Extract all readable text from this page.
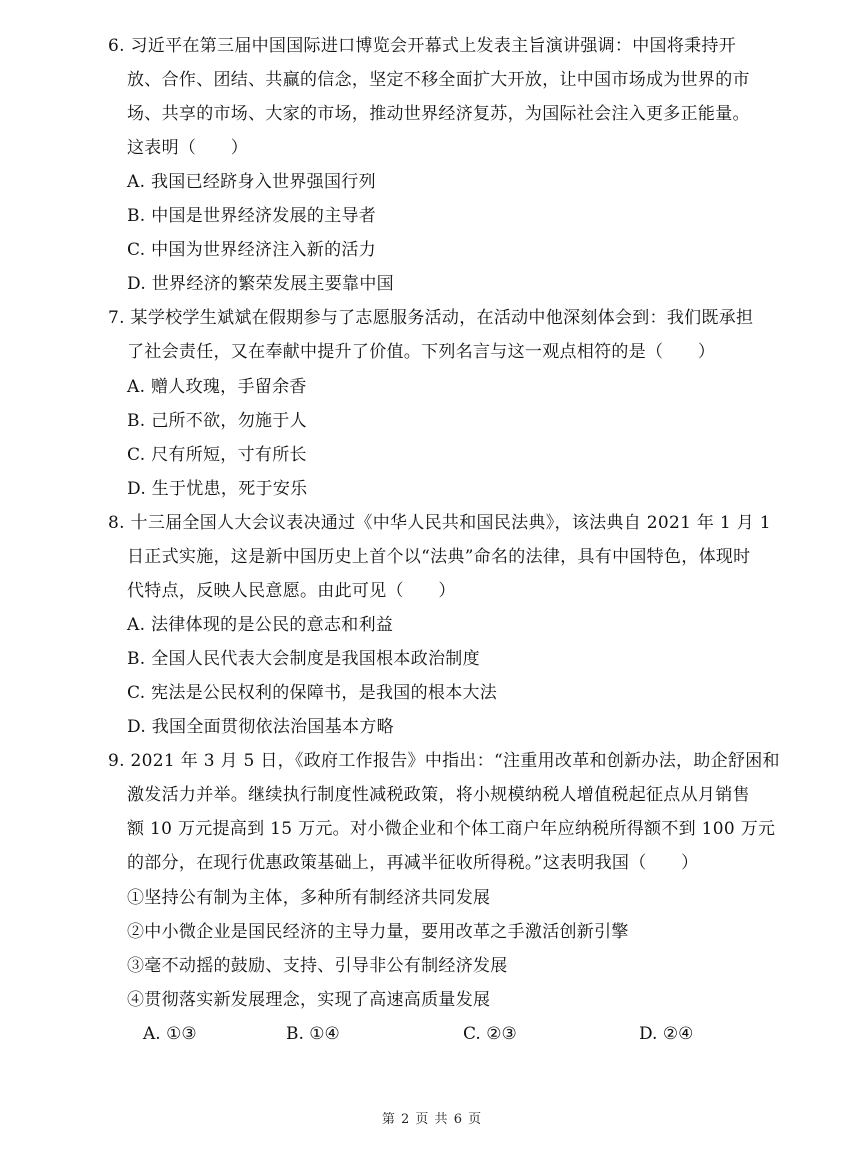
6. 习近平在第三届中国国际进口博览会开幕式上发表主旨演讲强调：中国将秉持开
放、合作、团结、共赢的信念，坚定不移全面扩大开放，让中国市场成为世界的市
场、共享的市场、大家的市场，推动世界经济复苏，为国际社会注入更多正能量。
这表明（　　）
A. 我国已经跻身入世界强国行列
B. 中国是世界经济发展的主导者
C. 中国为世界经济注入新的活力
D. 世界经济的繁荣发展主要靠中国
7. 某学校学生斌斌在假期参与了志愿服务活动，在活动中他深刻体会到：我们既承担
了社会责任，又在奉献中提升了价值。下列名言与这一观点相符的是（　　）
A. 赠人玫瑰，手留余香
B. 己所不欲，勿施于人
C. 尺有所短，寸有所长
D. 生于忧患，死于安乐
8. 十三届全国人大会议表决通过《中华人民共和国民法典》，该法典自 2021 年 1 月 1
日正式实施，这是新中国历史上首个以“法典”命名的法律，具有中国特色，体现时
代特点，反映人民意愿。由此可见（　　）
A. 法律体现的是公民的意志和利益
B. 全国人民代表大会制度是我国根本政治制度
C. 宪法是公民权利的保障书，是我国的根本大法
D. 我国全面贯彻依法治国基本方略
9. 2021 年 3 月 5 日，《政府工作报告》中指出：“注重用改革和创新办法，助企舒困和
激发活力并举。继续执行制度性减税政策，将小规模纳税人增值税起征点从月销售
额 10 万元提高到 15 万元。对小微企业和个体工商户年应纳税所得额不到 100 万元
的部分，在现行优惠政策基础上，再减半征收所得税。”这表明我国（　　）
①坚持公有制为主体，多种所有制经济共同发展
②中小微企业是国民经济的主导力量，要用改革之手激活创新引擎
③毫不动摇的鼓励、支持、引导非公有制经济发展
④贯彻落实新发展理念，实现了高速高质量发展
A. ①③	B. ①④	C. ②③	D. ②④
第 2 页 共 6 页
